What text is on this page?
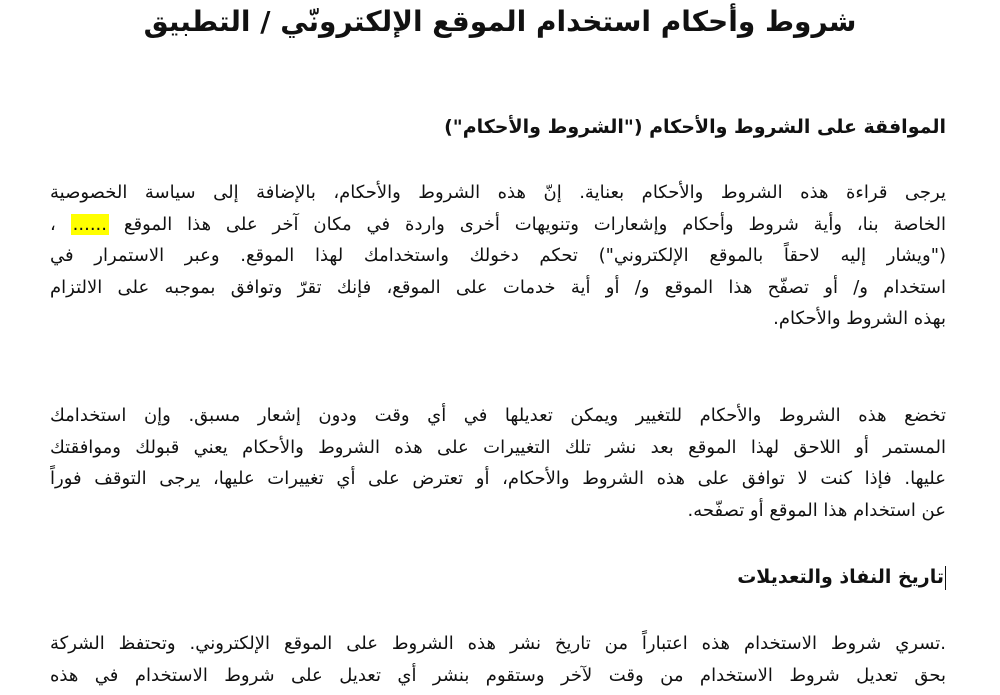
شروط وأحكام استخدام الموقع الإلكترونّي / التطبيق
الموافقة على الشروط والأحكام ("الشروط والأحكام")
يرجى قراءة هذه الشروط والأحكام بعناية. إنّ هذه الشروط والأحكام، بالإضافة إلى سياسة الخصوصية
الخاصة بنا، وأية شروط وأحكام وإشعارات وتنويهات أخرى واردة في مكان آخر على هذا الموقع ...... ،
("ويشار إليه لاحقاً بالموقع الإلكتروني") تحكم دخولك واستخدامك لهذا الموقع. وعبر الاستمرار في
استخدام و/ أو تصفّح هذا الموقع و/ أو أية خدمات على الموقع، فإنك تقرّ وتوافق بموجبه على الالتزام
بهذه الشروط والأحكام.
تخضع هذه الشروط والأحكام للتغيير ويمكن تعديلها في أي وقت ودون إشعار مسبق. وإن استخدامك
المستمر أو اللاحق لهذا الموقع بعد نشر تلك التغييرات على هذه الشروط والأحكام يعني قبولك وموافقتك
عليها. فإذا كنت لا توافق على هذه الشروط والأحكام، أو تعترض على أي تغييرات عليها، يرجى التوقف فوراً
عن استخدام هذا الموقع أو تصفّحه.
تاريخ النفاذ والتعديلات
.تسري شروط الاستخدام هذه اعتباراً من تاريخ نشر هذه الشروط على الموقع الإلكتروني. وتحتفظ الشركة
بحق تعديل شروط الاستخدام من وقت لآخر وستقوم بنشر أي تعديل على شروط الاستخدام في هذه
